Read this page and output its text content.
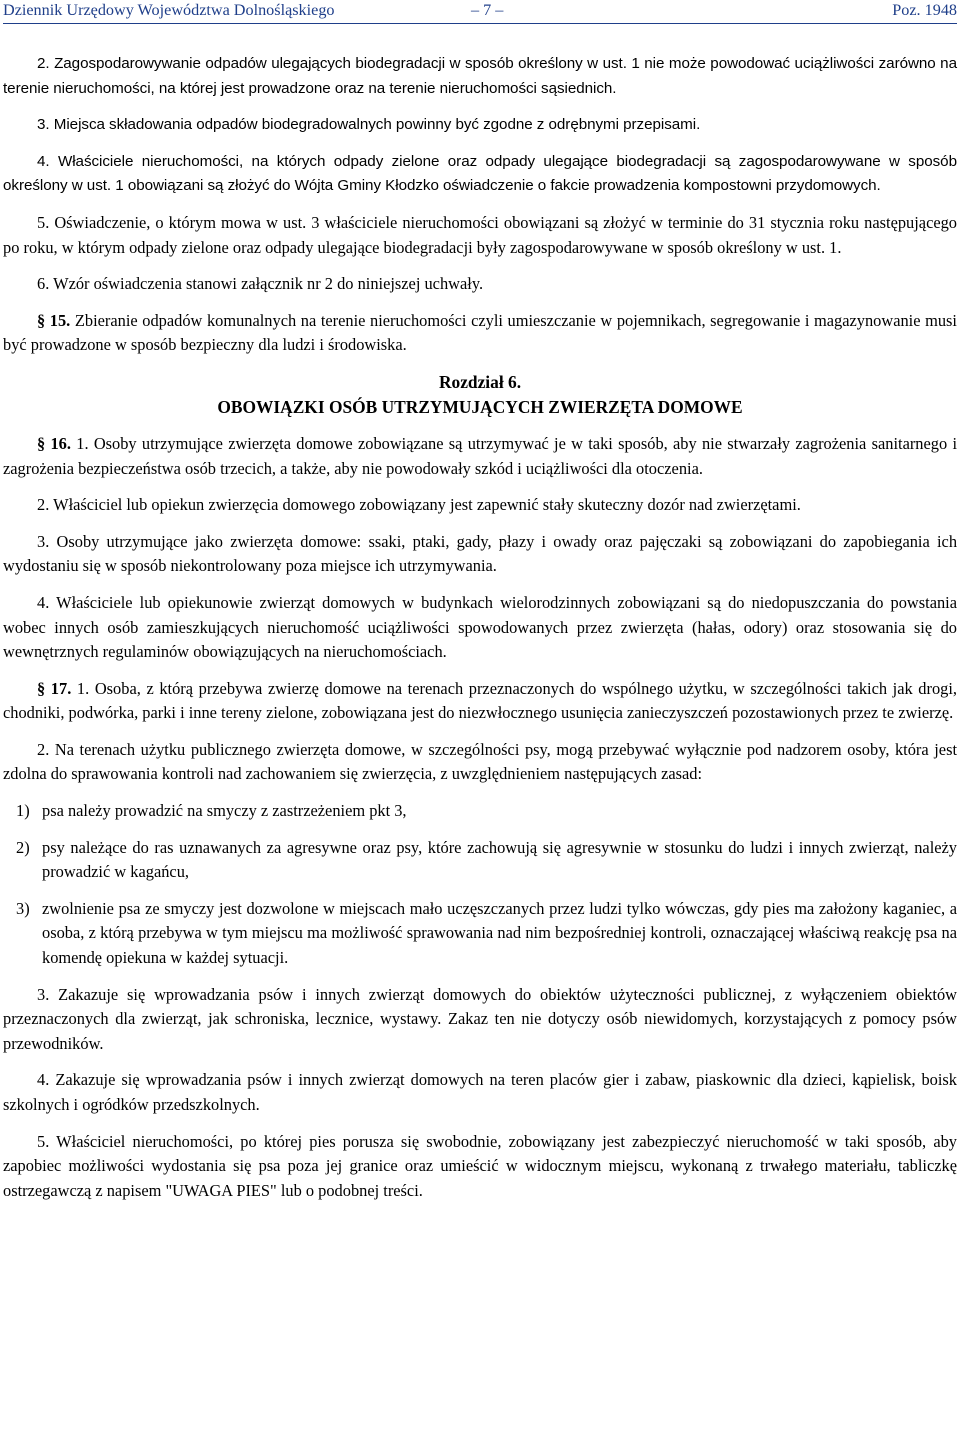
Dziennik Urzędowy Województwa Dolnośląskiego	– 7 –	Poz. 1948

2. Zagospodarowywanie odpadów ulegających biodegradacji w sposób określony w ust. 1 nie może powodować uciążliwości zarówno na terenie nieruchomości, na której jest prowadzone oraz na terenie nieruchomości sąsiednich.

3. Miejsca składowania odpadów biodegradowalnych powinny być zgodne z odrębnymi przepisami.

4. Właściciele nieruchomości, na których odpady zielone oraz odpady ulegające biodegradacji są zagospodarowywane w sposób określony w ust. 1 obowiązani są złożyć do Wójta Gminy Kłodzko oświadczenie o fakcie prowadzenia kompostowni przydomowych.

5. Oświadczenie, o którym mowa w ust. 3 właściciele nieruchomości obowiązani są złożyć w terminie do 31 stycznia roku następującego po roku, w którym odpady zielone oraz odpady ulegające biodegradacji były zagospodarowywane w sposób określony w ust. 1.

6. Wzór oświadczenia stanowi załącznik nr 2 do niniejszej uchwały.

§ 15. Zbieranie odpadów komunalnych na terenie nieruchomości czyli umieszczanie w pojemnikach, segregowanie i magazynowanie musi być prowadzone w sposób bezpieczny dla ludzi i środowiska.

Rozdział 6.
OBOWIĄZKI OSÓB UTRZYMUJĄCYCH ZWIERZĘTA DOMOWE

§ 16. 1. Osoby utrzymujące zwierzęta domowe zobowiązane są utrzymywać je w taki sposób, aby nie stwarzały zagrożenia sanitarnego i zagrożenia bezpieczeństwa osób trzecich, a także, aby nie powodowały szkód i uciążliwości dla otoczenia.

2. Właściciel lub opiekun zwierzęcia domowego zobowiązany jest zapewnić stały skuteczny dozór nad zwierzętami.

3. Osoby utrzymujące jako zwierzęta domowe: ssaki, ptaki, gady, płazy i owady oraz pajęczaki są zobowiązani do zapobiegania ich wydostaniu się w sposób niekontrolowany poza miejsce ich utrzymywania.

4. Właściciele lub opiekunowie zwierząt domowych w budynkach wielorodzinnych zobowiązani są do niedopuszczania do powstania wobec innych osób zamieszkujących nieruchomość uciążliwości spowodowanych przez zwierzęta (hałas, odory) oraz stosowania się do wewnętrznych regulaminów obowiązujących na nieruchomościach.

§ 17. 1. Osoba, z którą przebywa zwierzę domowe na terenach przeznaczonych do wspólnego użytku, w szczególności takich jak drogi, chodniki, podwórka, parki i inne tereny zielone, zobowiązana jest do niezwłocznego usunięcia zanieczyszczeń pozostawionych przez te zwierzę.

2. Na terenach użytku publicznego zwierzęta domowe, w szczególności psy, mogą przebywać wyłącznie pod nadzorem osoby, która jest zdolna do sprawowania kontroli nad zachowaniem się zwierzęcia, z uwzględnieniem następujących zasad:

1) psa należy prowadzić na smyczy z zastrzeżeniem pkt 3,
2) psy należące do ras uznawanych za agresywne oraz psy, które zachowują się agresywnie w stosunku do ludzi i innych zwierząt, należy prowadzić w kagańcu,
3) zwolnienie psa ze smyczy jest dozwolone w miejscach mało uczęszczanych przez ludzi tylko wówczas, gdy pies ma założony kaganiec, a osoba, z którą przebywa w tym miejscu ma możliwość sprawowania nad nim bezpośredniej kontroli, oznaczającej właściwą reakcję psa na komendę opiekuna w każdej sytuacji.

3. Zakazuje się wprowadzania psów i innych zwierząt domowych do obiektów użyteczności publicznej, z wyłączeniem obiektów przeznaczonych dla zwierząt, jak schroniska, lecznice, wystawy. Zakaz ten nie dotyczy osób niewidomych, korzystających z pomocy psów przewodników.

4. Zakazuje się wprowadzania psów i innych zwierząt domowych na teren placów gier i zabaw, piaskownic dla dzieci, kąpielisk, boisk szkolnych i ogródków przedszkolnych.

5. Właściciel nieruchomości, po której pies porusza się swobodnie, zobowiązany jest zabezpieczyć nieruchomość w taki sposób, aby zapobiec możliwości wydostania się psa poza jej granice oraz umieścić w widocznym miejscu, wykonaną z trwałego materiału, tabliczkę ostrzegawczą z napisem "UWAGA PIES" lub o podobnej treści.
